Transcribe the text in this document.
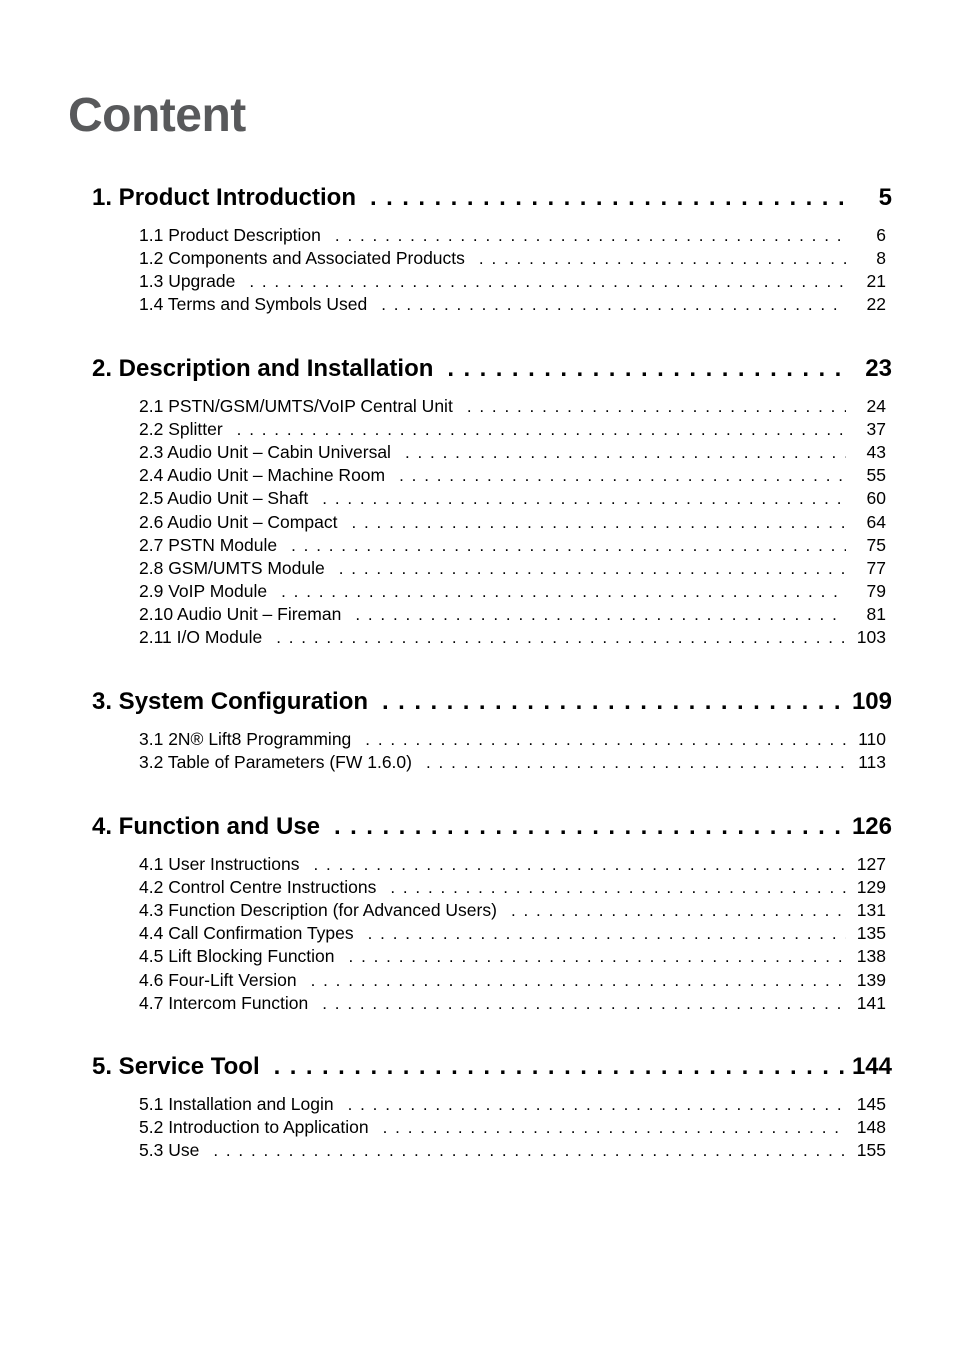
Content
1. Product Introduction . . .	5
1.1 Product Description . . .	6
1.2 Components and Associated Products . . .	8
1.3 Upgrade . . .	21
1.4 Terms and Symbols Used . . .	22
2. Description and Installation . . .	23
2.1 PSTN/GSM/UMTS/VoIP Central Unit . . .	24
2.2 Splitter . . .	37
2.3 Audio Unit – Cabin Universal . . .	43
2.4 Audio Unit – Machine Room . . .	55
2.5 Audio Unit – Shaft . . .	60
2.6 Audio Unit – Compact . . .	64
2.7 PSTN Module . . .	75
2.8 GSM/UMTS Module . . .	77
2.9 VoIP Module . . .	79
2.10 Audio Unit – Fireman . . .	81
2.11 I/O Module . . .	103
3. System Configuration . . .	109
3.1 2N® Lift8 Programming . . .	110
3.2 Table of Parameters (FW 1.6.0) . . .	113
4. Function and Use . . .	126
4.1 User Instructions . . .	127
4.2 Control Centre Instructions . . .	129
4.3 Function Description (for Advanced Users) . . .	131
4.4 Call Confirmation Types . . .	135
4.5 Lift Blocking Function . . .	138
4.6 Four-Lift Version . . .	139
4.7 Intercom Function . . .	141
5. Service Tool . . .	144
5.1 Installation and Login . . .	145
5.2 Introduction to Application . . .	148
5.3 Use . . .	155
